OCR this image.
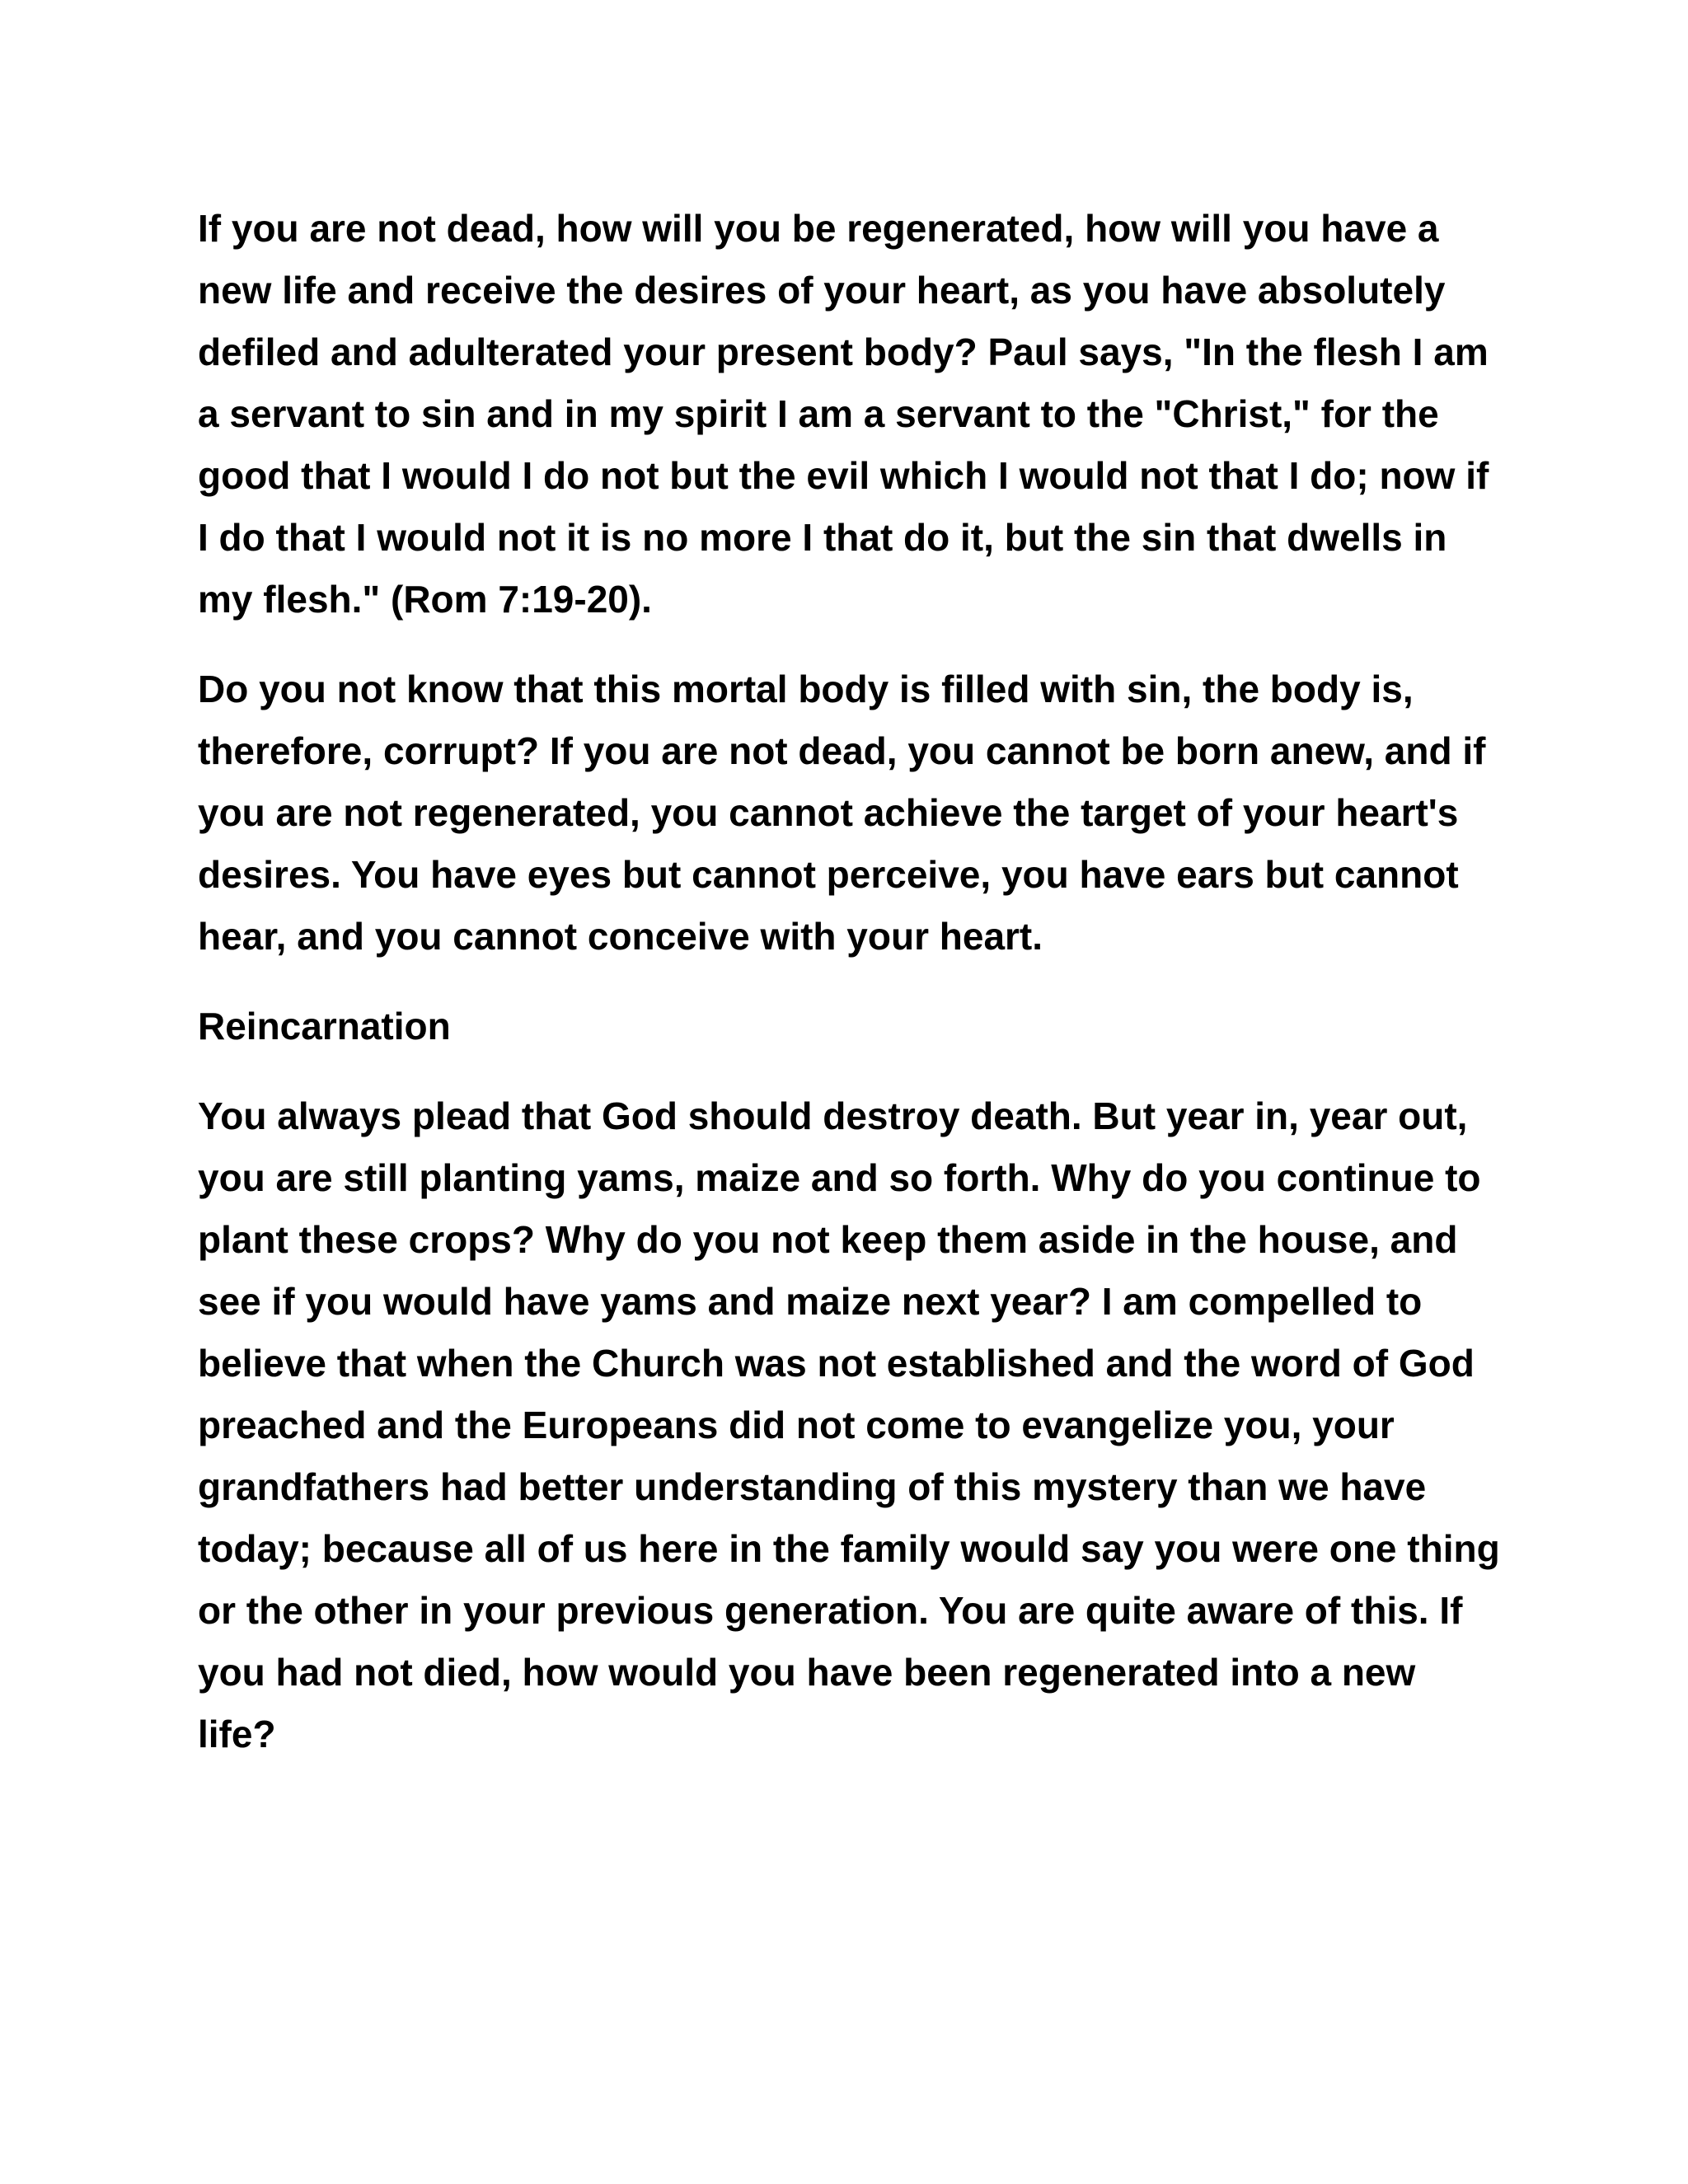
If you are not dead, how will you be regenerated, how will you have a new life and receive the desires of your heart, as you have absolutely defiled and adulterated your present body? Paul says, "In the flesh I am a servant to sin and in my spirit I am a servant to the "Christ," for the good that I would I do not but the evil which I would not that I do; now if I do that I would not it is no more I that do it, but the sin that dwells in my flesh." (Rom 7:19-20).

Do you not know that this mortal body is filled with sin, the body is, therefore, corrupt? If you are not dead, you cannot be born anew, and if you are not regenerated, you cannot achieve the target of your heart's desires. You have eyes but cannot perceive, you have ears but cannot hear, and you cannot conceive with your heart.

Reincarnation

You always plead that God should destroy death. But year in, year out, you are still planting yams, maize and so forth. Why do you continue to plant these crops? Why do you not keep them aside in the house, and see if you would have yams and maize next year? I am compelled to believe that when the Church was not established and the word of God preached and the Europeans did not come to evangelize you, your grandfathers had better understanding of this mystery than we have today; because all of us here in the family would say you were one thing or the other in your previous generation. You are quite aware of this. If you had not died, how would you have been regenerated into a new life?
